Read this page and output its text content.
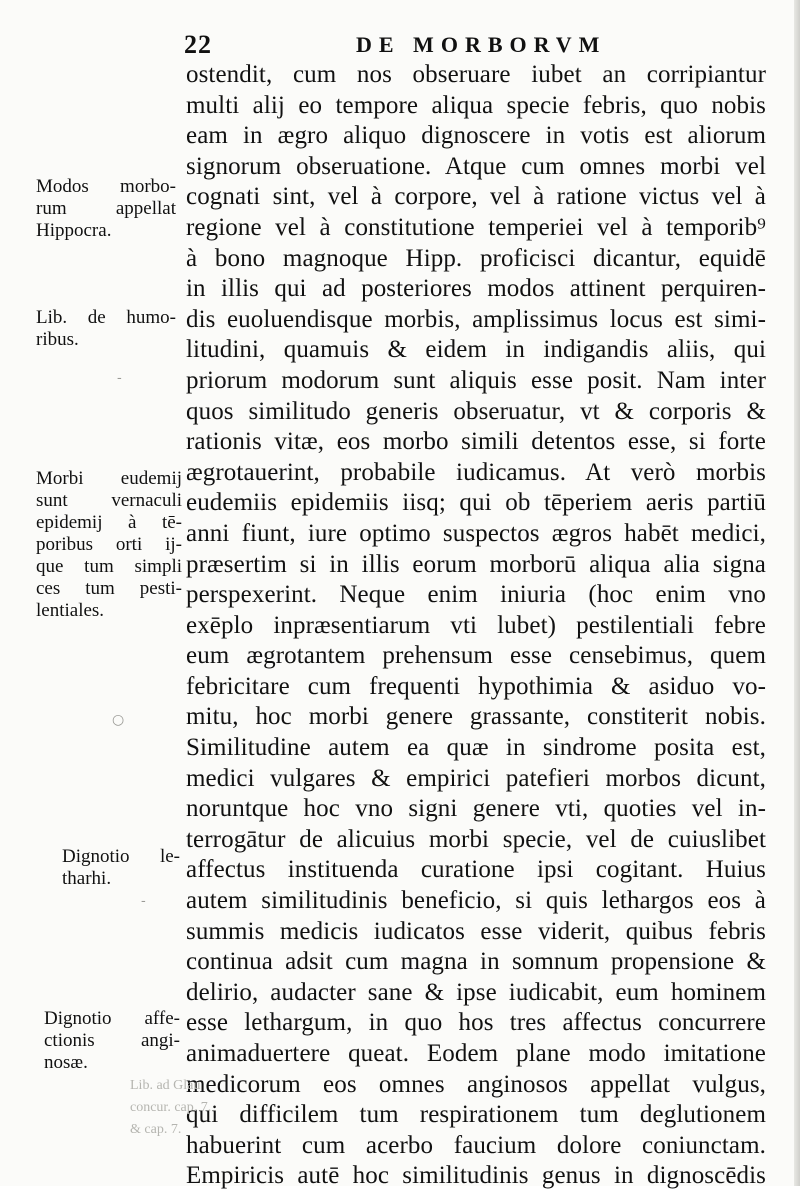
22	DE MORBORVM
ostendit, cum nos obseruare iubet an corripiantur
multi alij eo tempore aliqua specie febris, quo nobis
eam in ægro aliquo dignoscere in votis est aliorum
signorum obseruatione. Atque cum omnes morbi vel
cognati sint, vel à corpore, vel à ratione victus vel à
regione vel à constitutione temperiei vel à temporib⁹
à bono magnoque Hipp. proficisci dicantur, equidē
in illis qui ad posteriores modos attinent perquiren-
dis euoluendisque morbis, amplissimus locus est simi-
litudini, quamuis & eidem in indigandis aliis, qui
priorum modorum sunt aliquis esse posit. Nam inter
quos similitudo generis obseruatur, vt & corporis &
rationis vitæ, eos morbo simili detentos esse, si forte
ægrotauerint, probabile iudicamus. At verò morbis
eudemiis epidemiis iisq; qui ob tēperiem aeris partiū
anni fiunt, iure optimo suspectos ægros habēt medici,
præsertim si in illis eorum morborū aliqua alia signa
perspexerint. Neque enim iniuria (hoc enim vno
exēplo inpræsentiarum vti lubet) pestilentiali febre
eum ægrotantem prehensum esse censebimus, quem
febricitare cum frequenti hypothimia & asiduo vo-
mitu, hoc morbi genere grassante, constiterit nobis.
Similitudine autem ea quæ in sindrome posita est,
medici vulgares & empirici patefieri morbos dicunt,
noruntque hoc vno signi genere vti, quoties vel in-
terrogātur de alicuius morbi specie, vel de cuiuslibet
affectus instituenda curatione ipsi cogitant. Huius
autem similitudinis beneficio, si quis lethargos eos à
summis medicis iudicatos esse viderit, quibus febris
continua adsit cum magna in somnum propensione &
delirio, audacter sane & ipse iudicabit, eum hominem
esse lethargum, in quo hos tres affectus concurrere
animaduertere queat. Eodem plane modo imitatione
medicorum eos omnes anginosos appellat vulgus,
qui difficilem tum respirationem tum deglutionem
habuerint cum acerbo faucium dolore coniunctam.
Empiricis autē hoc similitudinis genus in dignoscēdis
Modos morbo-
rum appellat
Hippocra.
Lib. de humo-
ribus.
Morbi eudemij
sunt vernaculi
epidemij à tē-
poribus orti ij-
que tum simpli
ces tum pesti-
lentiales.
Dignotio le-
tharhi.
Dignotio affe-
ctionis angi-
nosæ.
Lib. ad Glau
concur. cap. 7.
& cap. 7.
○
-
-
